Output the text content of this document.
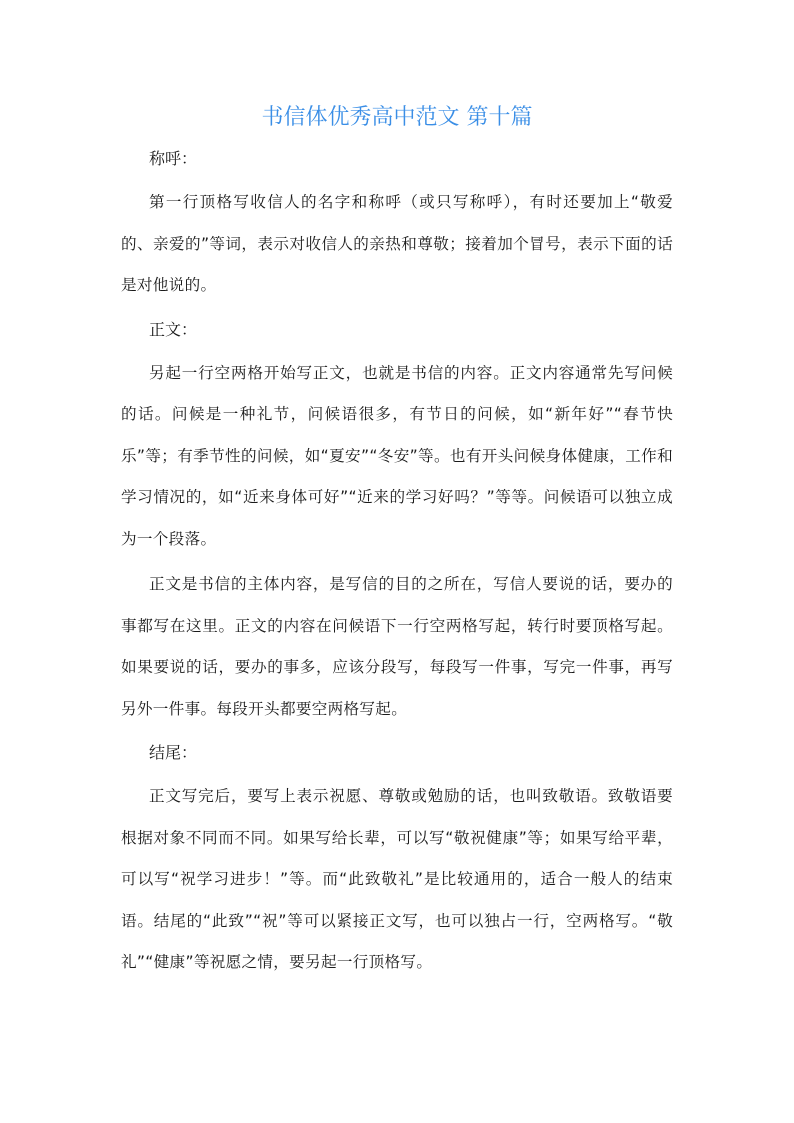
书信体优秀高中范文 第十篇

称呼：

第一行顶格写收信人的名字和称呼（或只写称呼），有时还要加上“敬爱的、亲爱的”等词，表示对收信人的亲热和尊敬；接着加个冒号，表示下面的话是对他说的。

正文：

另起一行空两格开始写正文，也就是书信的内容。正文内容通常先写问候的话。问候是一种礼节，问候语很多，有节日的问候，如“新年好”“春节快乐”等；有季节性的问候，如“夏安”“冬安”等。也有开头问候身体健康，工作和学习情况的，如“近来身体可好”“近来的学习好吗？”等等。问候语可以独立成为一个段落。

正文是书信的主体内容，是写信的目的之所在，写信人要说的话，要办的事都写在这里。正文的内容在问候语下一行空两格写起，转行时要顶格写起。如果要说的话，要办的事多，应该分段写，每段写一件事，写完一件事，再写另外一件事。每段开头都要空两格写起。

结尾：

正文写完后，要写上表示祝愿、尊敬或勉励的话，也叫致敬语。致敬语要根据对象不同而不同。如果写给长辈，可以写“敬祝健康”等；如果写给平辈，可以写“祝学习进步！”等。而“此致敬礼”是比较通用的，适合一般人的结束语。结尾的“此致”“祝”等可以紧接正文写，也可以独占一行，空两格写。“敬礼”“健康”等祝愿之情，要另起一行顶格写。
